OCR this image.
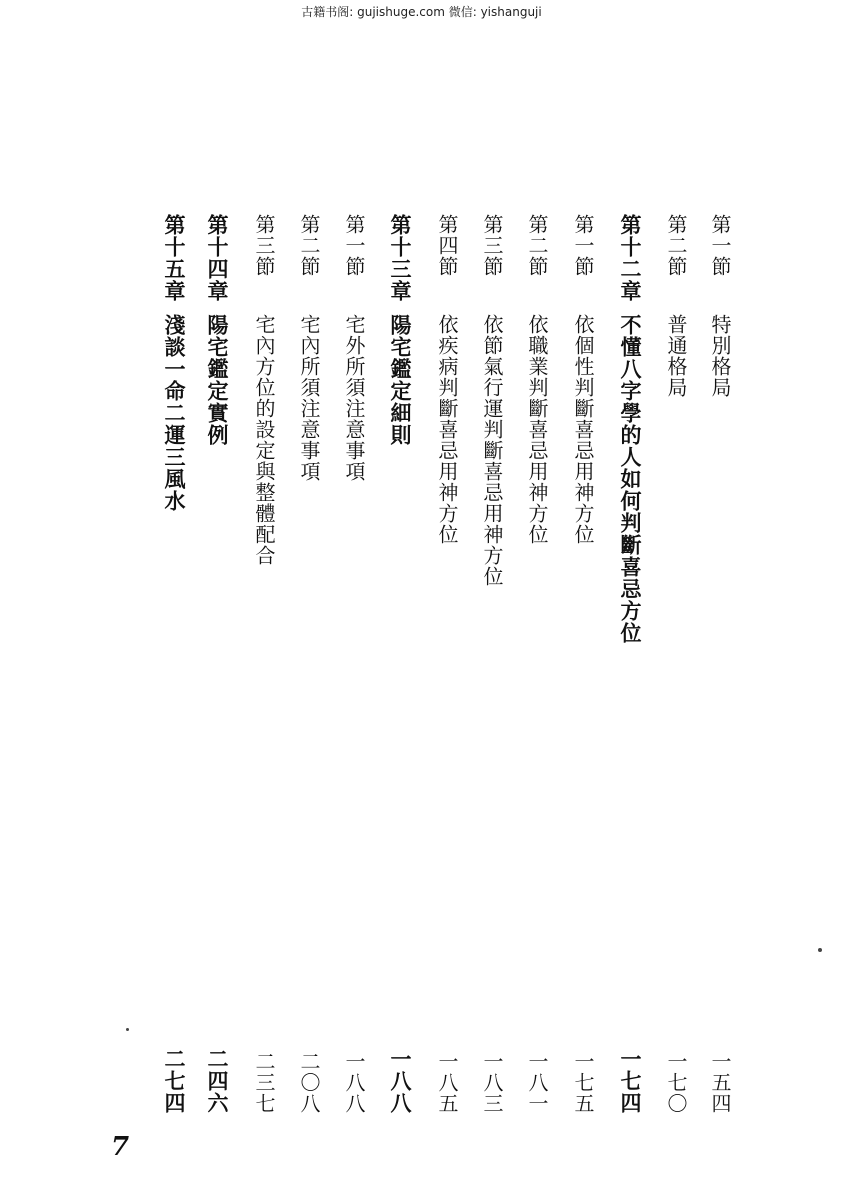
古籍书阁: gujishuge.com 微信: yishanguji
第一節
特別格局
一五四
第二節
普通格局
一七〇
第十二章
不懂八字學的人如何判斷喜忌方位
一七四
第一節
依個性判斷喜忌用神方位
一七五
第二節
依職業判斷喜忌用神方位
一八一
第三節
依節氣行運判斷喜忌用神方位
一八三
第四節
依疾病判斷喜忌用神方位
一八五
第十三章
陽宅鑑定細則
一八八
第一節
宅外所須注意事項
一八八
第二節
宅內所須注意事項
二〇八
第三節
宅內方位的設定與整體配合
二三七
第十四章
陽宅鑑定實例
二四六
第十五章
淺談一命二運三風水
二七四
7
